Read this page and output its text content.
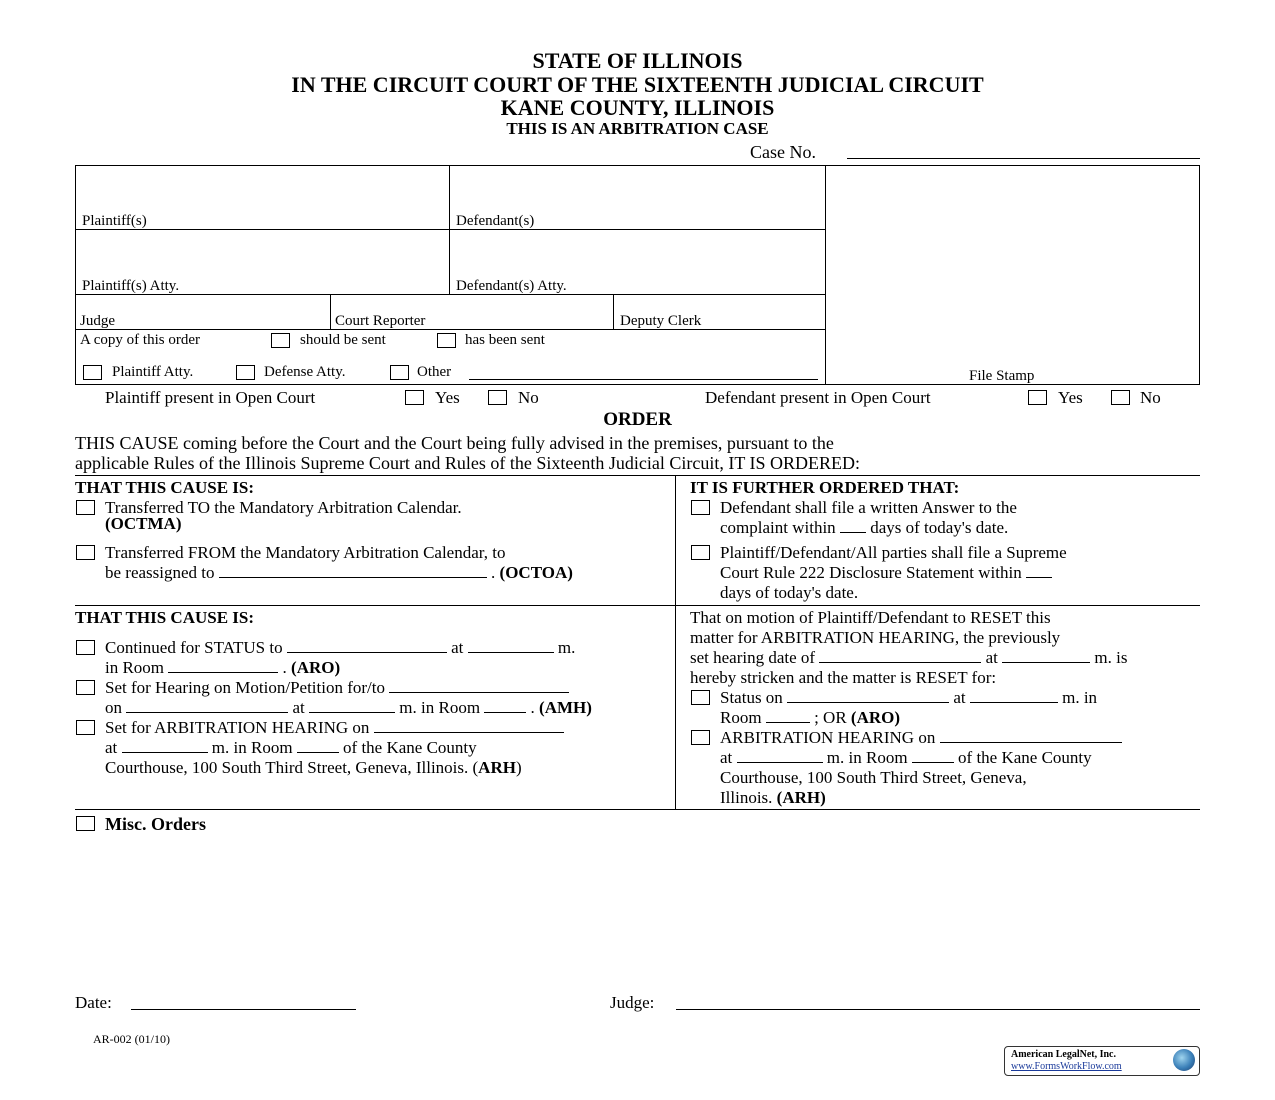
STATE OF ILLINOIS
IN THE CIRCUIT COURT OF THE SIXTEENTH JUDICIAL CIRCUIT
KANE COUNTY, ILLINOIS
THIS IS AN ARBITRATION CASE
Case No.
Plaintiff(s)	Defendant(s)
Plaintiff(s) Atty.	Defendant(s) Atty.
Judge	Court Reporter	Deputy Clerk
A copy of this order	should be sent	has been sent
Plaintiff Atty.	Defense Atty.	Other	File Stamp
Plaintiff present in Open Court	Yes	No	Defendant present in Open Court	Yes	No
ORDER
THIS CAUSE coming before the Court and the Court being fully advised in the premises, pursuant to the
applicable Rules of the Illinois Supreme Court and Rules of the Sixteenth Judicial Circuit, IT IS ORDERED:
THAT THIS CAUSE IS:
Transferred TO the Mandatory Arbitration Calendar.
(OCTMA)
Transferred FROM the Mandatory Arbitration Calendar, to
be reassigned to	. (OCTOA)
IT IS FURTHER ORDERED THAT:
Defendant shall file a written Answer to the
complaint within days of today's date.
Plaintiff/Defendant/All parties shall file a Supreme
Court Rule 222 Disclosure Statement within
days of today's date.
THAT THIS CAUSE IS:
Continued for STATUS to	at	m.
in Room	. (ARO)
Set for Hearing on Motion/Petition for/to
on	at	m. in Room	. (AMH)
Set for ARBITRATION HEARING on
at	m. in Room	of the Kane County
Courthouse, 100 South Third Street, Geneva, Illinois. (ARH)
That on motion of Plaintiff/Defendant to RESET this
matter for ARBITRATION HEARING, the previously
set hearing date of	at	m. is
hereby stricken and the matter is RESET for:
Status on	at	m. in
Room	; OR (ARO)
ARBITRATION HEARING on
at	m. in Room	of the Kane County
Courthouse, 100 South Third Street, Geneva,
Illinois. (ARH)
Misc. Orders
Date:	Judge:
AR-002 (01/10)
American LegalNet, Inc.
www.FormsWorkFlow.com
